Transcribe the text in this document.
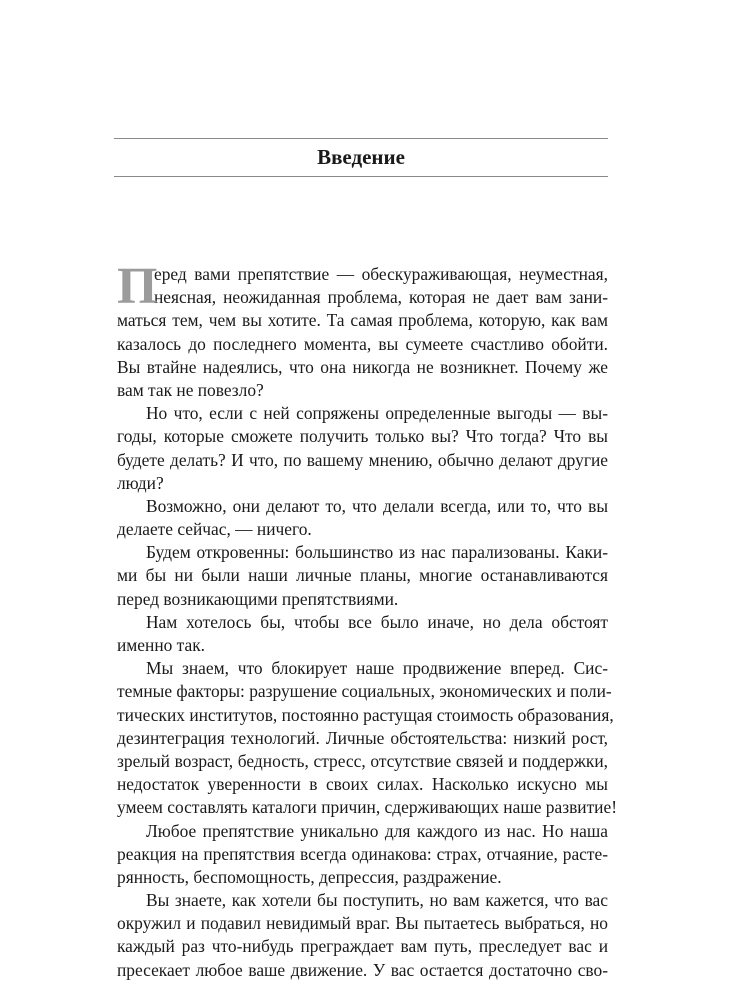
Введение
П
еред вами препятствие — обескураживающая, неуместная,
неясная, неожиданная проблема, которая не дает вам зани-
маться тем, чем вы хотите. Та самая проблема, которую, как вам
казалось до последнего момента, вы сумеете счастливо обойти.
Вы втайне надеялись, что она никогда не возникнет. Почему же
вам так не повезло?
Но что, если с ней сопряжены определенные выгоды — вы-
годы, которые сможете получить только вы? Что тогда? Что вы
будете делать? И что, по вашему мнению, обычно делают другие
люди?
Возможно, они делают то, что делали всегда, или то, что вы
делаете сейчас, — ничего.
Будем откровенны: большинство из нас парализованы. Каки-
ми бы ни были наши личные планы, многие останавливаются
перед возникающими препятствиями.
Нам хотелось бы, чтобы все было иначе, но дела обстоят
именно так.
Мы знаем, что блокирует наше продвижение вперед. Сис-
темные факторы: разрушение социальных, экономических и поли-
тических институтов, постоянно растущая стоимость образования,
дезинтеграция технологий. Личные обстоятельства: низкий рост,
зрелый возраст, бедность, стресс, отсутствие связей и поддержки,
недостаток уверенности в своих силах. Насколько искусно мы
умеем составлять каталоги причин, сдерживающих наше развитие!
Любое препятствие уникально для каждого из нас. Но наша
реакция на препятствия всегда одинакова: страх, отчаяние, расте-
рянность, беспомощность, депрессия, раздражение.
Вы знаете, как хотели бы поступить, но вам кажется, что вас
окружил и подавил невидимый враг. Вы пытаетесь выбраться, но
каждый раз что-нибудь преграждает вам путь, преследует вас и
пресекает любое ваше движение. У вас остается достаточно сво-
